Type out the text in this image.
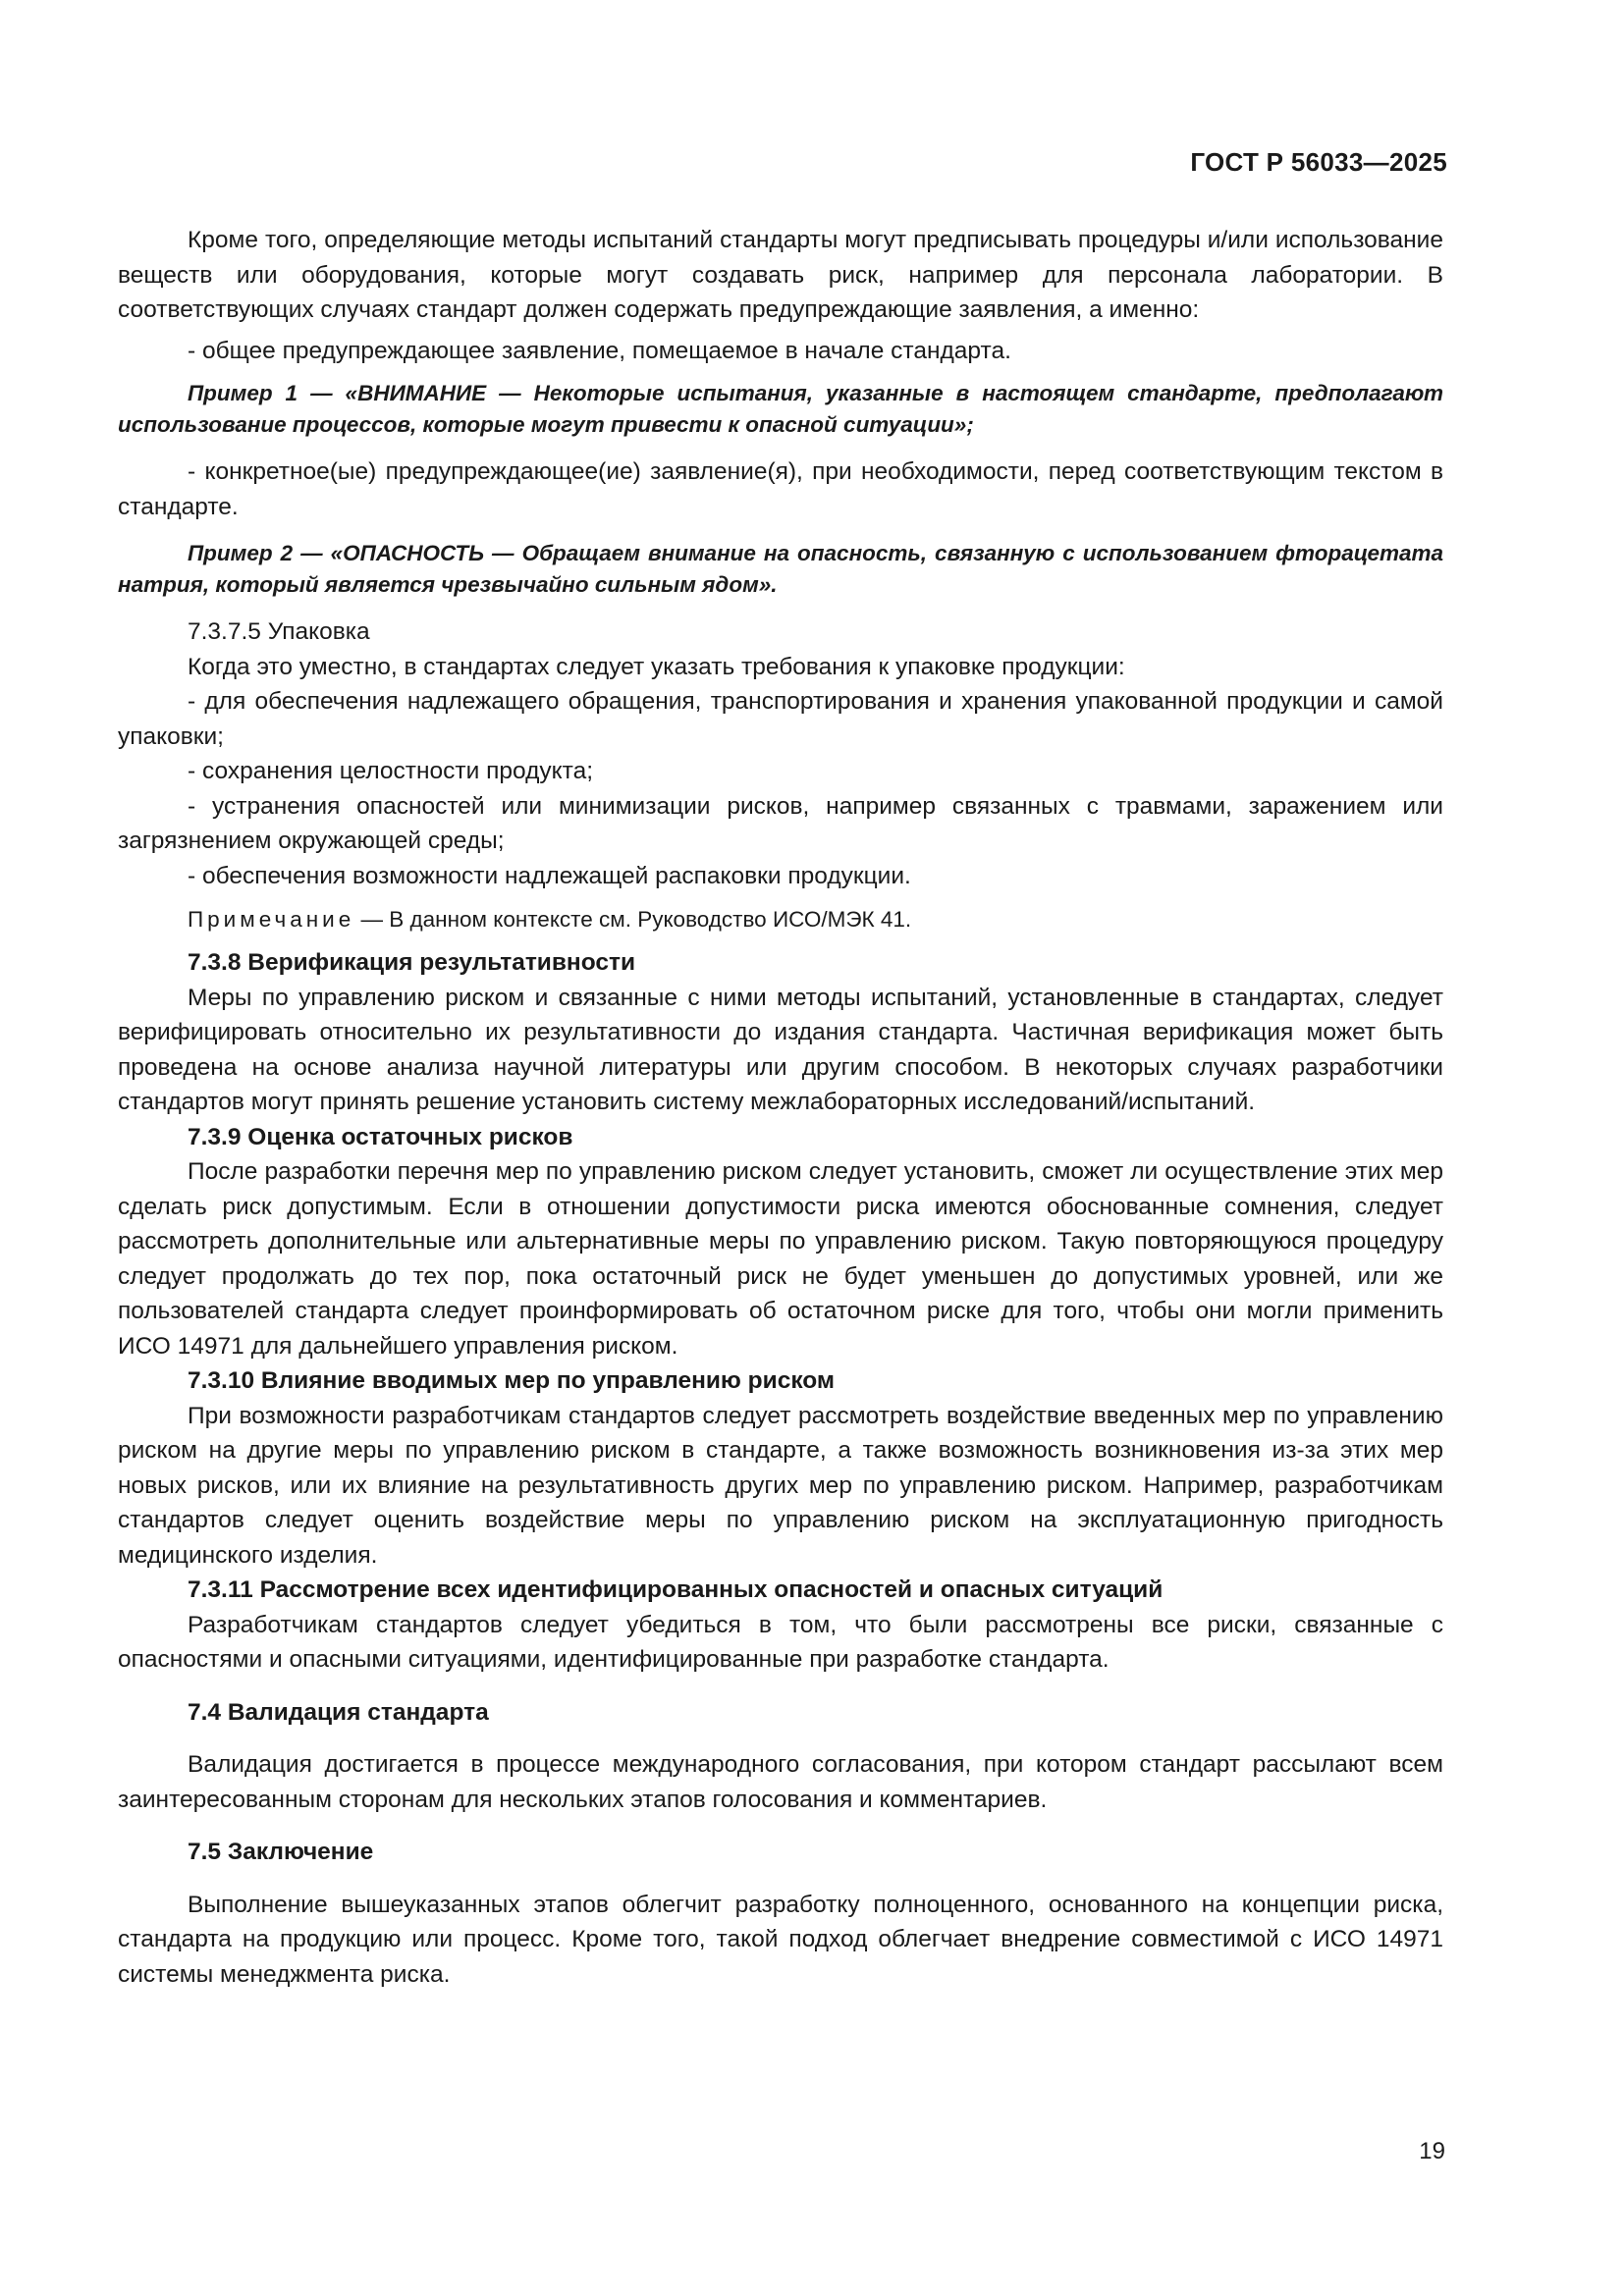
ГОСТ Р 56033—2025

Кроме того, определяющие методы испытаний стандарты могут предписывать процедуры и/или использование веществ или оборудования, которые могут создавать риск, например для персонала лаборатории. В соответствующих случаях стандарт должен содержать предупреждающие заявления, а именно:

- общее предупреждающее заявление, помещаемое в начале стандарта.

Пример 1 — «ВНИМАНИЕ — Некоторые испытания, указанные в настоящем стандарте, предполагают использование процессов, которые могут привести к опасной ситуации»;

- конкретное(ые) предупреждающее(ие) заявление(я), при необходимости, перед соответствующим текстом в стандарте.

Пример 2 — «ОПАСНОСТЬ — Обращаем внимание на опасность, связанную с использованием фторацетата натрия, который является чрезвычайно сильным ядом».

7.3.7.5 Упаковка

Когда это уместно, в стандартах следует указать требования к упаковке продукции:

- для обеспечения надлежащего обращения, транспортирования и хранения упакованной продукции и самой упаковки;

- сохранения целостности продукта;

- устранения опасностей или минимизации рисков, например связанных с травмами, заражением или загрязнением окружающей среды;

- обеспечения возможности надлежащей распаковки продукции.

Примечание — В данном контексте см. Руководство ИСО/МЭК 41.

7.3.8 Верификация результативности

Меры по управлению риском и связанные с ними методы испытаний, установленные в стандартах, следует верифицировать относительно их результативности до издания стандарта. Частичная верификация может быть проведена на основе анализа научной литературы или другим способом. В некоторых случаях разработчики стандартов могут принять решение установить систему межлабораторных исследований/испытаний.

7.3.9 Оценка остаточных рисков

После разработки перечня мер по управлению риском следует установить, сможет ли осуществление этих мер сделать риск допустимым. Если в отношении допустимости риска имеются обоснованные сомнения, следует рассмотреть дополнительные или альтернативные меры по управлению риском. Такую повторяющуюся процедуру следует продолжать до тех пор, пока остаточный риск не будет уменьшен до допустимых уровней, или же пользователей стандарта следует проинформировать об остаточном риске для того, чтобы они могли применить ИСО 14971 для дальнейшего управления риском.

7.3.10 Влияние вводимых мер по управлению риском

При возможности разработчикам стандартов следует рассмотреть воздействие введенных мер по управлению риском на другие меры по управлению риском в стандарте, а также возможность возникновения из-за этих мер новых рисков, или их влияние на результативность других мер по управлению риском. Например, разработчикам стандартов следует оценить воздействие меры по управлению риском на эксплуатационную пригодность медицинского изделия.

7.3.11 Рассмотрение всех идентифицированных опасностей и опасных ситуаций

Разработчикам стандартов следует убедиться в том, что были рассмотрены все риски, связанные с опасностями и опасными ситуациями, идентифицированные при разработке стандарта.

7.4 Валидация стандарта

Валидация достигается в процессе международного согласования, при котором стандарт рассылают всем заинтересованным сторонам для нескольких этапов голосования и комментариев.

7.5 Заключение

Выполнение вышеуказанных этапов облегчит разработку полноценного, основанного на концепции риска, стандарта на продукцию или процесс. Кроме того, такой подход облегчает внедрение совместимой с ИСО 14971 системы менеджмента риска.

19
